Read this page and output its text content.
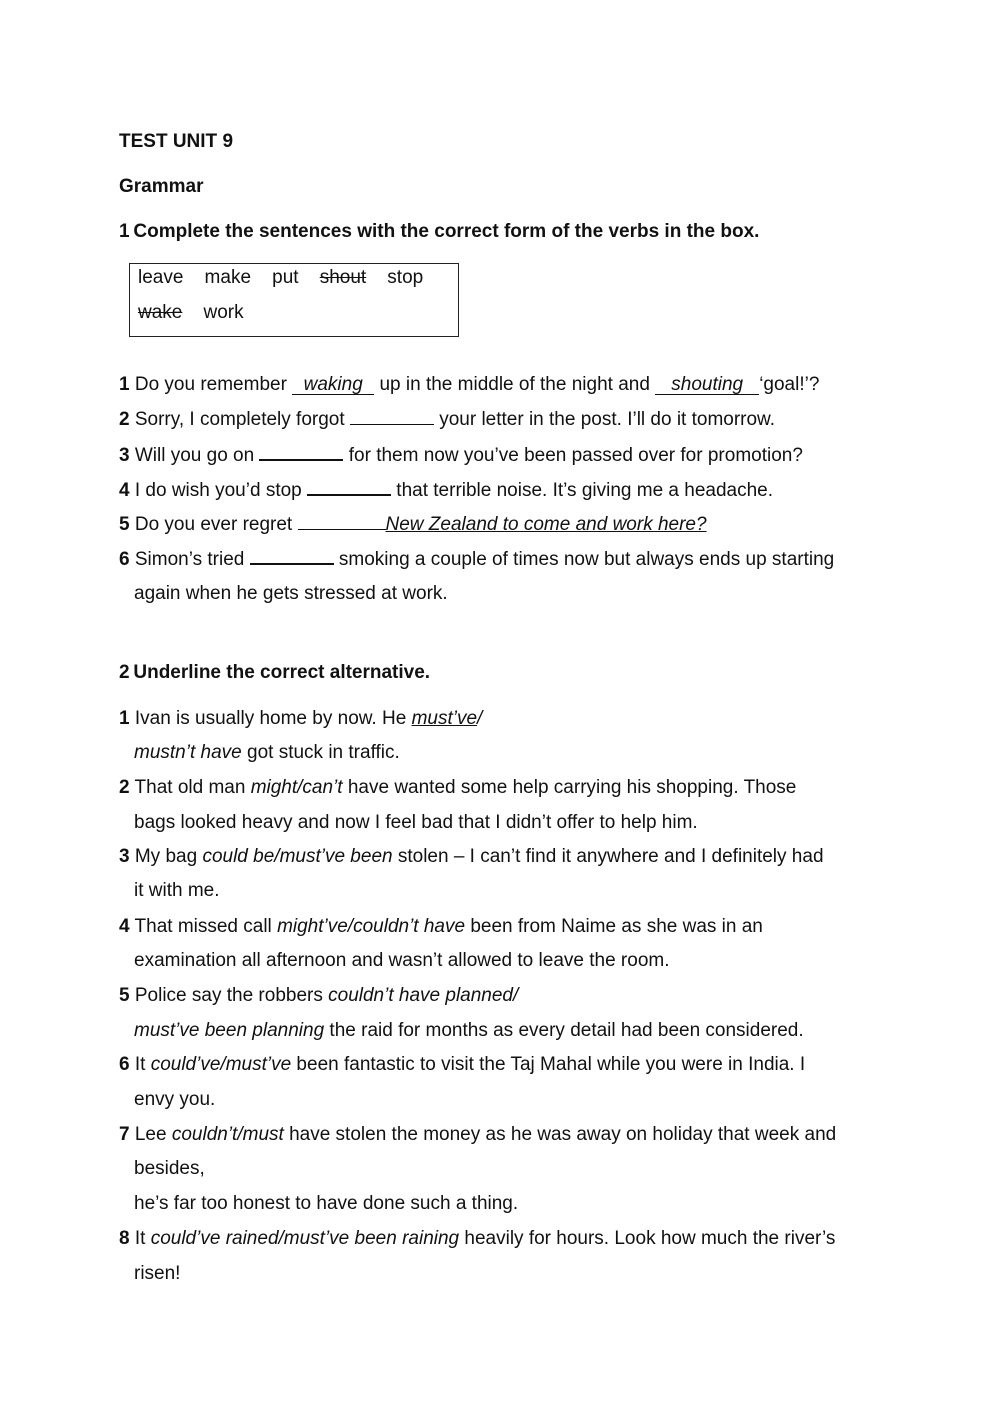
TEST UNIT 9
Grammar
1 Complete the sentences with the correct form of the verbs in the box.
leave make put shout stop
wake work
1 Do you remember waking up in the middle of the night and shouting ‘goal!’?
2 Sorry, I completely forgot	your letter in the post. I’ll do it tomorrow.
3 Will you go on	for them now you’ve been passed over for promotion?
4 I do wish you’d stop	that terrible noise. It’s giving me a headache.
5 Do you ever regret	New Zealand to come and work here?
6 Simon’s tried	smoking a couple of times now but always ends up starting
again when he gets stressed at work.
2 Underline the correct alternative.
1 Ivan is usually home by now. He must’ve/
mustn’t have got stuck in traffic.
2 That old man might/can’t have wanted some help carrying his shopping. Those
bags looked heavy and now I feel bad that I didn’t offer to help him.
3 My bag could be/must’ve been stolen – I can’t find it anywhere and I definitely had
it with me.
4 That missed call might’ve/couldn’t have been from Naime as she was in an
examination all afternoon and wasn’t allowed to leave the room.
5 Police say the robbers couldn’t have planned/
must’ve been planning the raid for months as every detail had been considered.
6 It could’ve/must’ve been fantastic to visit the Taj Mahal while you were in India. I
envy you.
7 Lee couldn’t/must have stolen the money as he was away on holiday that week and
besides,
he’s far too honest to have done such a thing.
8 It could’ve rained/must’ve been raining heavily for hours. Look how much the river’s
risen!
